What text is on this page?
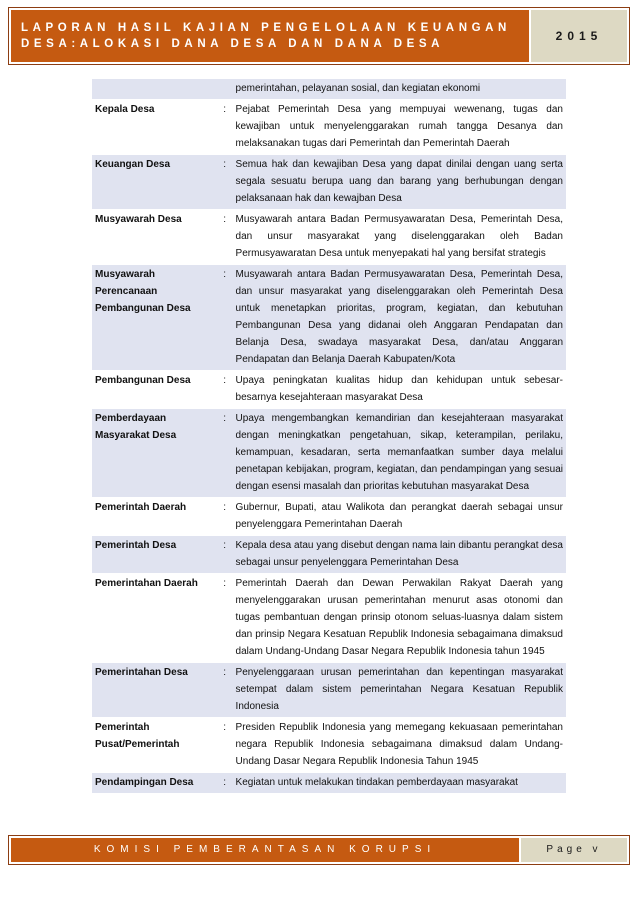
LAPORAN HASIL KAJIAN PENGELOLAAN KEUANGAN
DESA:ALOKASI DANA DESA DAN DANA DESA
2015
		pemerintahan, pelayanan sosial, dan kegiatan ekonomi
Kepala Desa	:	Pejabat Pemerintah Desa yang mempuyai wewenang, tugas dan kewajiban untuk menyelenggarakan rumah tangga Desanya dan melaksanakan tugas dari Pemerintah dan Pemerintah Daerah
Keuangan Desa	:	Semua hak dan kewajiban Desa yang dapat dinilai dengan uang serta segala sesuatu berupa uang dan barang yang berhubungan dengan pelaksanaan hak dan kewajban Desa
Musyawarah Desa	:	Musyawarah antara Badan Permusyawaratan Desa, Pemerintah Desa, dan unsur masyarakat yang diselenggarakan oleh Badan Permusyawaratan Desa untuk menyepakati hal yang bersifat strategis
Musyawarah Perencanaan Pembangunan Desa	:	Musyawarah antara Badan Permusyawaratan Desa, Pemerintah Desa, dan unsur masyarakat yang diselenggarakan oleh Pemerintah Desa untuk menetapkan prioritas, program, kegiatan, dan kebutuhan Pembangunan Desa yang didanai oleh Anggaran Pendapatan dan Belanja Desa, swadaya masyarakat Desa, dan/atau Anggaran Pendapatan dan Belanja Daerah Kabupaten/Kota
Pembangunan Desa	:	Upaya peningkatan kualitas hidup dan kehidupan untuk sebesar-besarnya kesejahteraan masyarakat Desa
Pemberdayaan Masyarakat Desa	:	Upaya mengembangkan kemandirian dan kesejahteraan masyarakat dengan meningkatkan pengetahuan, sikap, keterampilan, perilaku, kemampuan, kesadaran, serta memanfaatkan sumber daya melalui penetapan kebijakan, program, kegiatan, dan pendampingan yang sesuai dengan esensi masalah dan prioritas kebutuhan masyarakat Desa
Pemerintah Daerah	:	Gubernur, Bupati, atau Walikota dan perangkat daerah sebagai unsur penyelenggara Pemerintahan Daerah
Pemerintah Desa	:	Kepala desa atau yang disebut dengan nama lain dibantu perangkat desa sebagai unsur penyelenggara Pemerintahan Desa
Pemerintahan Daerah	:	Pemerintah Daerah dan Dewan Perwakilan Rakyat Daerah yang menyelenggarakan urusan pemerintahan menurut asas otonomi dan tugas pembantuan dengan prinsip otonom seluas-luasnya dalam sistem dan prinsip Negara Kesatuan Republik Indonesia sebagaimana dimaksud dalam Undang-Undang Dasar Negara Republik Indonesia tahun 1945
Pemerintahan Desa	:	Penyelenggaraan urusan pemerintahan dan kepentingan masyarakat setempat dalam sistem pemerintahan Negara Kesatuan Republik Indonesia
Pemerintah Pusat/Pemerintah	:	Presiden Republik Indonesia yang memegang kekuasaan pemerintahan negara Republik Indonesia sebagaimana dimaksud dalam Undang-Undang Dasar Negara Republik Indonesia Tahun 1945
Pendampingan Desa	:	Kegiatan untuk melakukan tindakan pemberdayaan masyarakat
KOMISI PEMBERANTASAN KORUPSI	Page v
